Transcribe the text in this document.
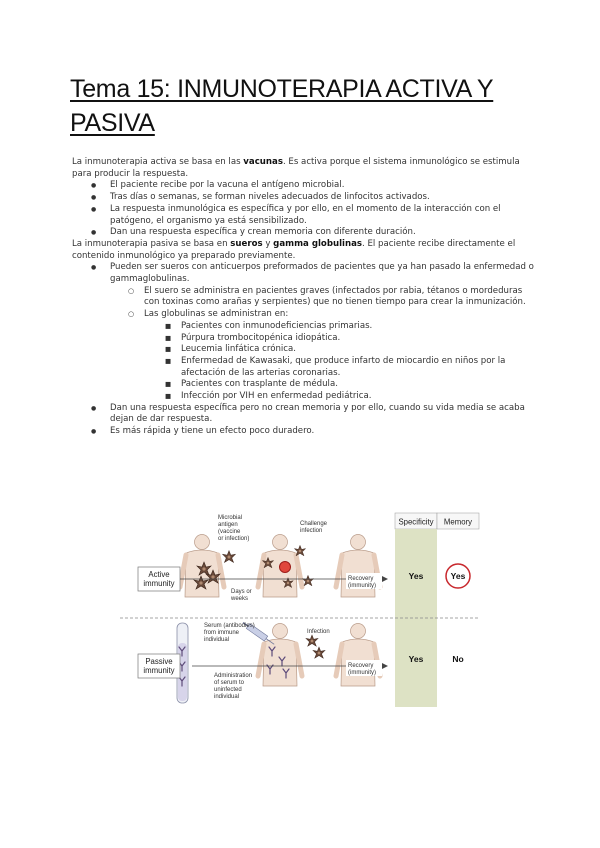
Tema 15: INMUNOTERAPIA ACTIVA Y PASIVA

La inmunoterapia activa se basa en las vacunas. Es activa porque el sistema inmunológico se estimula para producir la respuesta.

● El paciente recibe por la vacuna el antígeno microbial.
● Tras días o semanas, se forman niveles adecuados de linfocitos activados.
● La respuesta inmunológica es específica y por ello, en el momento de la interacción con el patógeno, el organismo ya está sensibilizado.
● Dan una respuesta específica y crean memoria con diferente duración.

La inmunoterapia pasiva se basa en sueros y gamma globulinas. El paciente recibe directamente el contenido inmunológico ya preparado previamente.

● Pueden ser sueros con anticuerpos preformados de pacientes que ya han pasado la enfermedad o gammaglobulinas.
○ El suero se administra en pacientes graves (infectados por rabia, tétanos o mordeduras con toxinas como arañas y serpientes) que no tienen tiempo para crear la inmunización.
○ Las globulinas se administran en:
■ Pacientes con inmunodeficiencias primarias.
■ Púrpura trombocitopénica idiopática.
■ Leucemia linfática crónica.
■ Enfermedad de Kawasaki, que produce infarto de miocardio en niños por la afectación de las arterias coronarias.
■ Pacientes con trasplante de médula.
■ Infección por VIH en enfermedad pediátrica.
● Dan una respuesta específica pero no crean memoria y por ello, cuando su vida media se acaba dejan de dar respuesta.
● Es más rápida y tiene un efecto poco duradero.
Specificity Memory
Active
immunity
Microbial
antigen
(vaccine
or infection)
Challenge
infection
Days or
weeks
Recovery
(immunity)
Yes	Yes
Passive
immunity
Serum (antibodies)
from immune
individual
Infection
Administration
of serum to
uninfected
individual
Recovery
(immunity)
Yes	No
